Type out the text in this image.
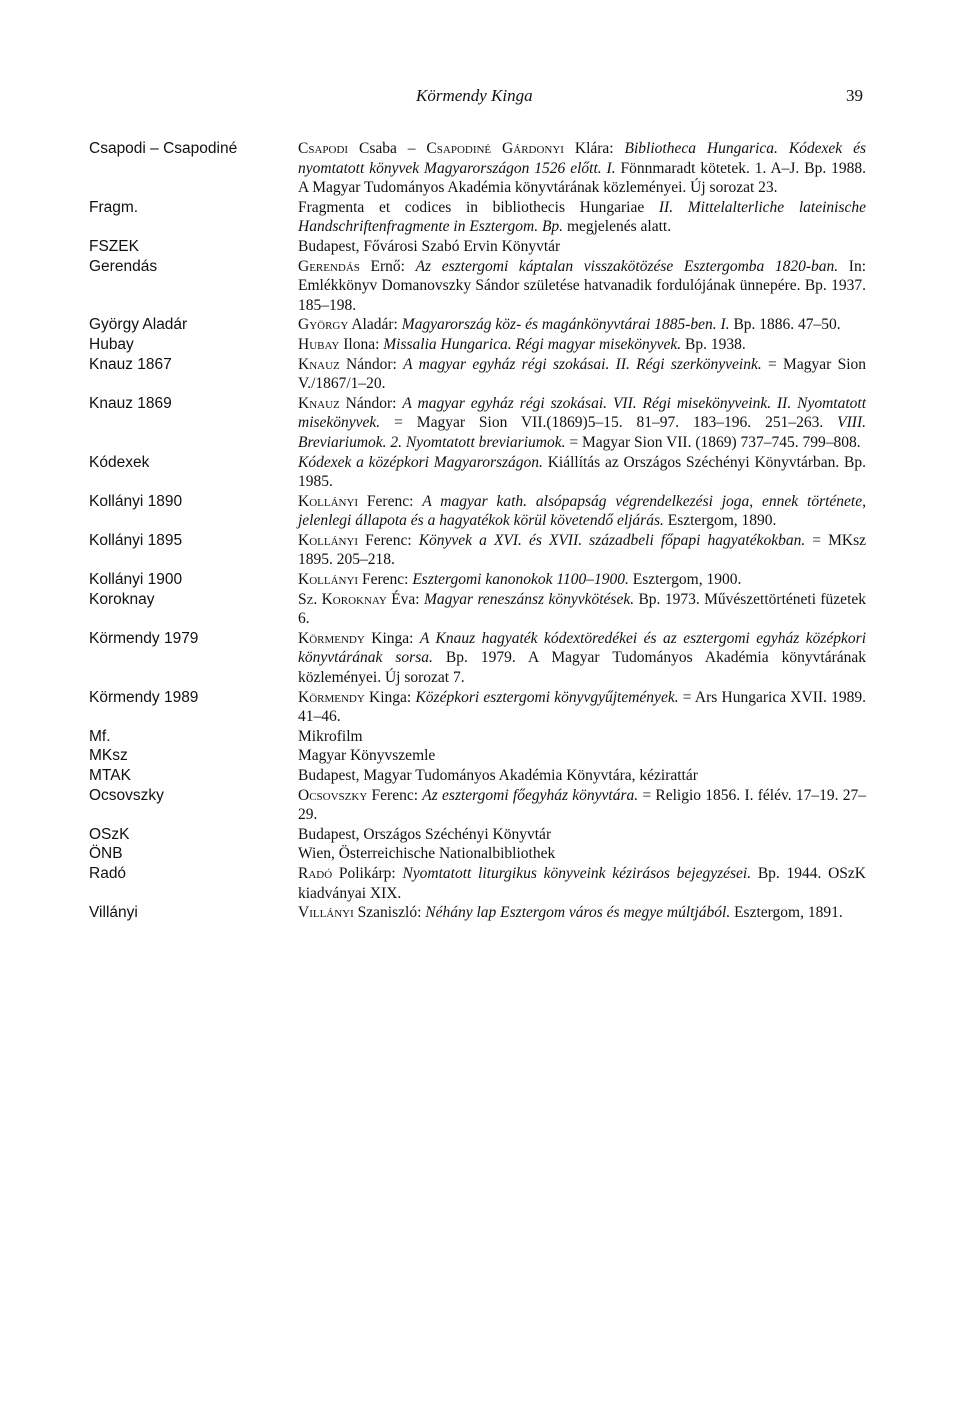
Körmendy Kinga	39
Csapodi – Csapodiné	Csapodi Csaba – Csapodiné Gárdonyi Klára: Bibliotheca Hungarica. Kódexek és nyomtatott könyvek Magyarországon 1526 előtt. I. Fönnmaradt kötetek. 1. A–J. Bp. 1988. A Magyar Tudományos Akadémia könyvtárának közleményei. Új sorozat 23.
Fragm.	Fragmenta et codices in bibliothecis Hungariae II. Mittelalterliche lateinische Handschriftenfragmente in Esztergom. Bp. megjelenés alatt.
FSZEK	Budapest, Fővárosi Szabó Ervin Könyvtár
Gerendás	Gerendás Ernő: Az esztergomi káptalan visszakötözése Esztergomba 1820-ban. In: Emlékkönyv Domanovszky Sándor születése hatvanadik fordulójának ünnepére. Bp. 1937. 185–198.
György Aladár	György Aladár: Magyarország köz- és magánkönyvtárai 1885-ben. I. Bp. 1886. 47–50.
Hubay	Hubay Ilona: Missalia Hungarica. Régi magyar misekönyvek. Bp. 1938.
Knauz 1867	Knauz Nándor: A magyar egyház régi szokásai. II. Régi szerkönyveink. = Magyar Sion V./1867/1–20.
Knauz 1869	Knauz Nándor: A magyar egyház régi szokásai. VII. Régi misekönyveink. II. Nyomtatott misekönyvek. = Magyar Sion VII.(1869)5–15. 81–97. 183–196. 251–263. VIII. Breviariumok. 2. Nyomtatott breviariumok. = Magyar Sion VII. (1869) 737–745. 799–808.
Kódexek	Kódexek a középkori Magyarországon. Kiállítás az Országos Széchényi Könyvtárban. Bp. 1985.
Kollányi 1890	Kollányi Ferenc: A magyar kath. alsópapság végrendelkezési joga, ennek története, jelenlegi állapota és a hagyatékok körül követendő eljárás. Esztergom, 1890.
Kollányi 1895	Kollányi Ferenc: Könyvek a XVI. és XVII. századbeli főpapi hagyatékokban. = MKsz 1895. 205–218.
Kollányi 1900	Kollányi Ferenc: Esztergomi kanonokok 1100–1900. Esztergom, 1900.
Koroknay	Sz. Koroknay Éva: Magyar reneszánsz könyvkötések. Bp. 1973. Művészettörténeti füzetek 6.
Körmendy 1979	Körmendy Kinga: A Knauz hagyaték kódextöredékei és az esztergomi egyház középkori könyvtárának sorsa. Bp. 1979. A Magyar Tudományos Akadémia könyvtárának közleményei. Új sorozat 7.
Körmendy 1989	Körmendy Kinga: Középkori esztergomi könyvgyűjtemények. = Ars Hungarica XVII. 1989. 41–46.
Mf.	Mikrofilm
MKsz	Magyar Könyvszemle
MTAK	Budapest, Magyar Tudományos Akadémia Könyvtára, kézirattár
Ocsovszky	Ocsovszky Ferenc: Az esztergomi főegyház könyvtára. = Religio 1856. I. félév. 17–19. 27–29.
OSzK	Budapest, Országos Széchényi Könyvtár
ÖNB	Wien, Österreichische Nationalbibliothek
Radó	Radó Polikárp: Nyomtatott liturgikus könyveink kézirásos bejegyzései. Bp. 1944. OSzK kiadványai XIX.
Villányi	Villányi Szaniszló: Néhány lap Esztergom város és megye múltjából. Esztergom, 1891.
